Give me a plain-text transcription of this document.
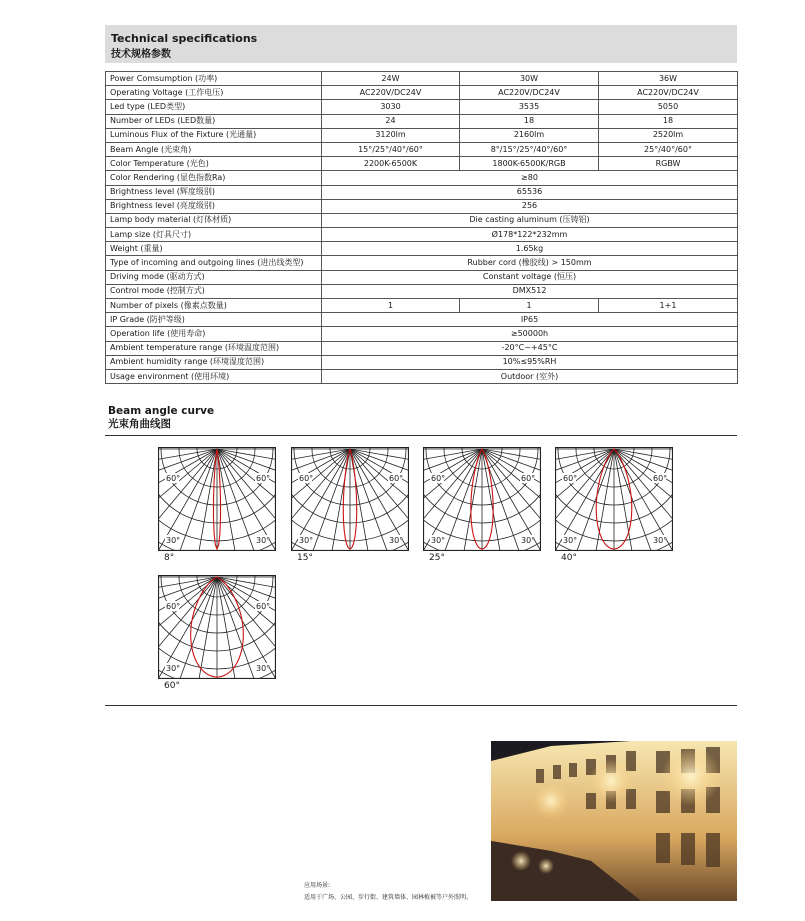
Technical specifications
技术规格参数
Power Comsumption (功率)	24W	30W	36W
Operating Voltage (工作电压)	AC220V/DC24V	AC220V/DC24V	AC220V/DC24V
Led type (LED类型)	3030	3535	5050
Number of LEDs (LED数量)	24	18	18
Luminous Flux of the Fixture (光通量)	3120lm	2160lm	2520lm
Beam Angle (光束角)	15°/25°/40°/60°	8°/15°/25°/40°/60°	25°/40°/60°
Color Temperature (光色)	2200K-6500K	1800K-6500K/RGB	RGBW
Color Rendering (显色指数Ra)	≥80		
Brightness level (辉度级别)	65536		
Brightness level (亮度级别)	256		
Lamp body material (灯体材质)	Die casting aluminum (压铸铝)		
Lamp size (灯具尺寸)	Ø178*122*232mm		
Weight (重量)	1.65kg		
Type of incoming and outgoing lines (进出线类型)	Rubber cord (橡胶线) > 150mm		
Driving mode (驱动方式)	Constant voltage (恒压)		
Control mode (控制方式)	DMX512		
Number of pixels (像素点数量)	1	1	1+1
IP Grade (防护等级)	IP65		
Operation life (使用寿命)	≥50000h		
Ambient temperature range (环境温度范围)	-20°C~+45°C		
Ambient humidity range (环境湿度范围)	10%≤95%RH		
Usage environment (使用环境)	Outdoor (室外)		
Beam angle curve
光束角曲线图
60°	60°
30°	30°
8°
60°	60°
30°	30°
15°
60°	60°
30°	30°
25°
60°	60°
30°	30°
40°
60°	60°
30°	30°
60°
应用场景:
适用于广场、公园、步行街、建筑墙体、园林植被等户外照明。
